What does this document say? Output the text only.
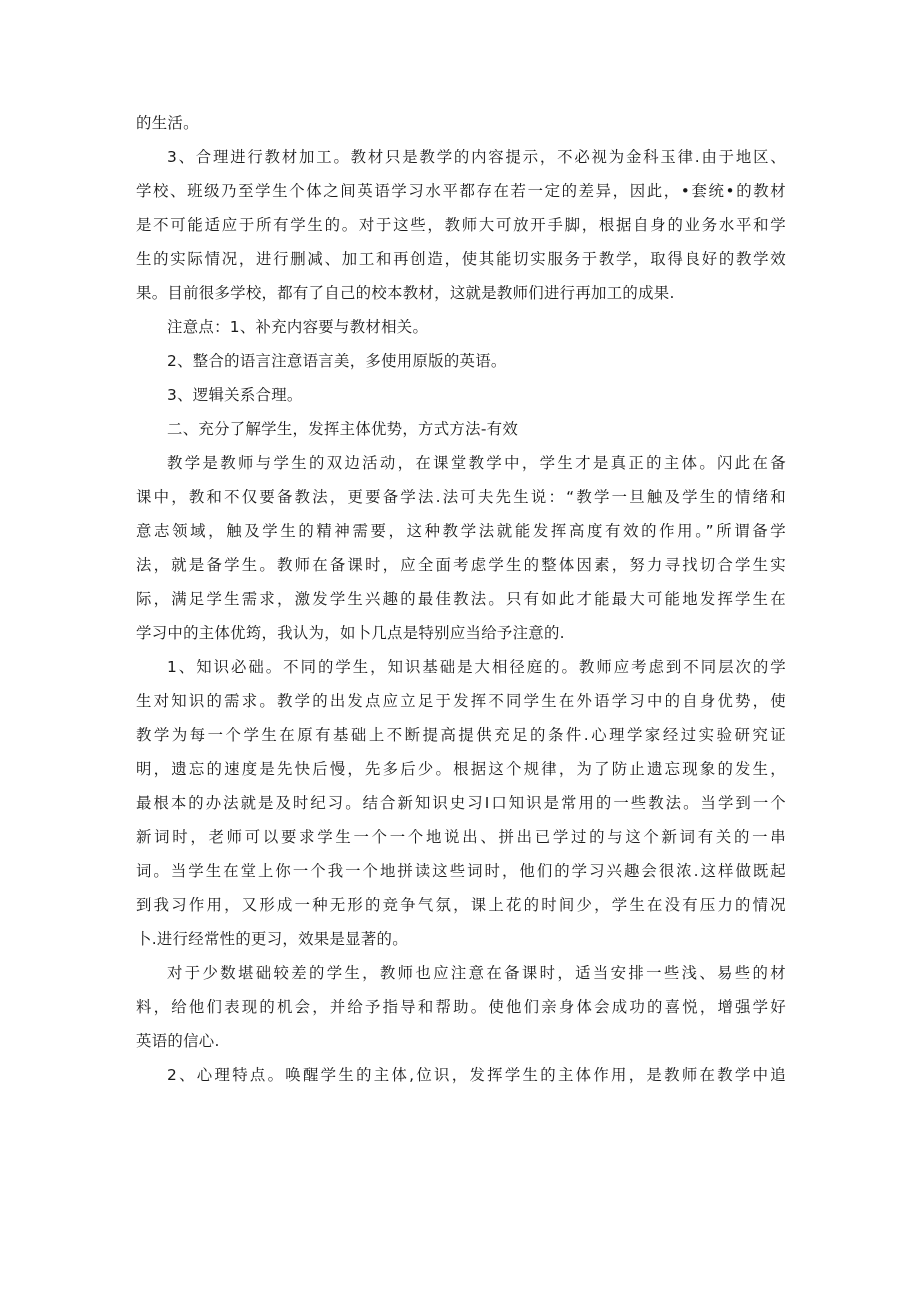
的生活。
3、合理进行教材加工。教材只是教学的内容提示，不必视为金科玉律.由于地区、
学校、班级乃至学生个体之间英语学习水平都存在若一定的差异，因此，•套统•的教材
是不可能适应于所有学生的。对于这些，教师大可放开手脚，根据自身的业务水平和学
生的实际情况，进行删减、加工和再创造，使其能切实服务于教学，取得良好的教学效
果。目前很多学校，都有了自己的校本教材，这就是教师们进行再加工的成果.
注意点：1、补充内容要与教材相关。
2、整合的语言注意语言美，多使用原版的英语。
3、逻辑关系合理。
二、充分了解学生，发挥主体优势，方式方法-有效
教学是教师与学生的双边活动，在课堂教学中，学生才是真正的主体。闪此在备
课中，教和不仅要备教法，更要备学法.法可夫先生说：“教学一旦触及学生的情绪和
意志领域，触及学生的精神需要，这种教学法就能发挥高度有效的作用。”所谓备学
法，就是备学生。教师在备课时，应全面考虑学生的整体因素，努力寻找切合学生实
际，满足学生需求，激发学生兴趣的最佳教法。只有如此才能最大可能地发挥学生在
学习中的主体优筠，我认为，如卜几点是特别应当给予注意的.
1、知识必础。不同的学生，知识基础是大相径庭的。教师应考虑到不同层次的学
生对知识的需求。教学的出发点应立足于发挥不同学生在外语学习中的自身优势，使
教学为每一个学生在原有基础上不断提高提供充足的条件.心理学家经过实验研究证
明，遗忘的速度是先快后慢，先多后少。根据这个规律，为了防止遗忘现象的发生，
最根本的办法就是及时纪习。结合新知识史习I口知识是常用的一些教法。当学到一个
新词时，老师可以要求学生一个一个地说出、拼出已学过的与这个新词有关的一串
词。当学生在堂上你一个我一个地拼读这些词时，他们的学习兴趣会很浓.这样做既起
到我习作用，又形成一种无形的竞争气氛，课上花的时间少，学生在没有压力的情况
卜.进行经常性的更习，效果是显著的。
对于少数堪础较差的学生，教师也应注意在备课时，适当安排一些浅、易些的材
料，给他们表现的机会，并给予指导和帮助。使他们亲身体会成功的喜悦，增强学好
英语的信心.
2、心理特点。唤醒学生的主体,位识，发挥学生的主体作用，是教师在教学中追
